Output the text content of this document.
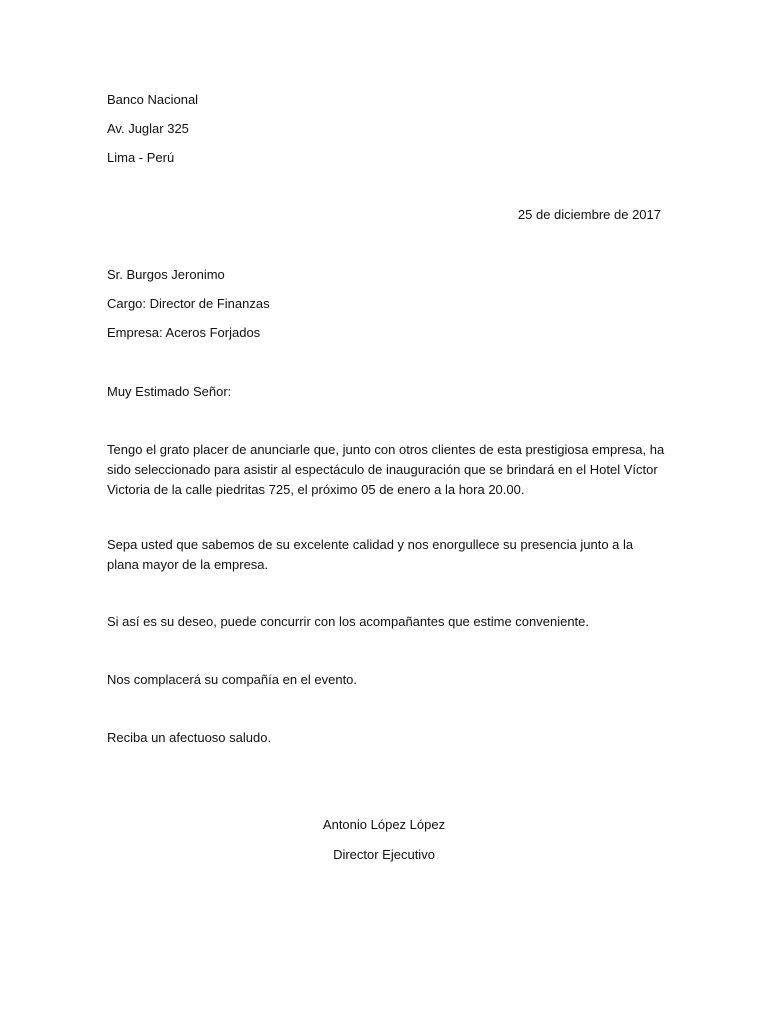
Banco Nacional
Av. Juglar 325
Lima - Perú
25 de diciembre de 2017
Sr. Burgos Jeronimo
Cargo: Director de Finanzas
Empresa: Aceros Forjados
Muy Estimado Señor:
Tengo el grato placer de anunciarle que, junto con otros clientes de esta prestigiosa empresa, ha sido seleccionado para asistir al espectáculo de inauguración que se brindará en el Hotel Víctor Victoria de la calle piedritas 725, el próximo 05 de enero a la hora 20.00.
Sepa usted que sabemos de su excelente calidad y nos enorgullece su presencia junto a la plana mayor de la empresa.
Si así es su deseo, puede concurrir con los acompañantes que estime conveniente.
Nos complacerá su compañía en el evento.
Reciba un afectuoso saludo.
Antonio López López
Director Ejecutivo
